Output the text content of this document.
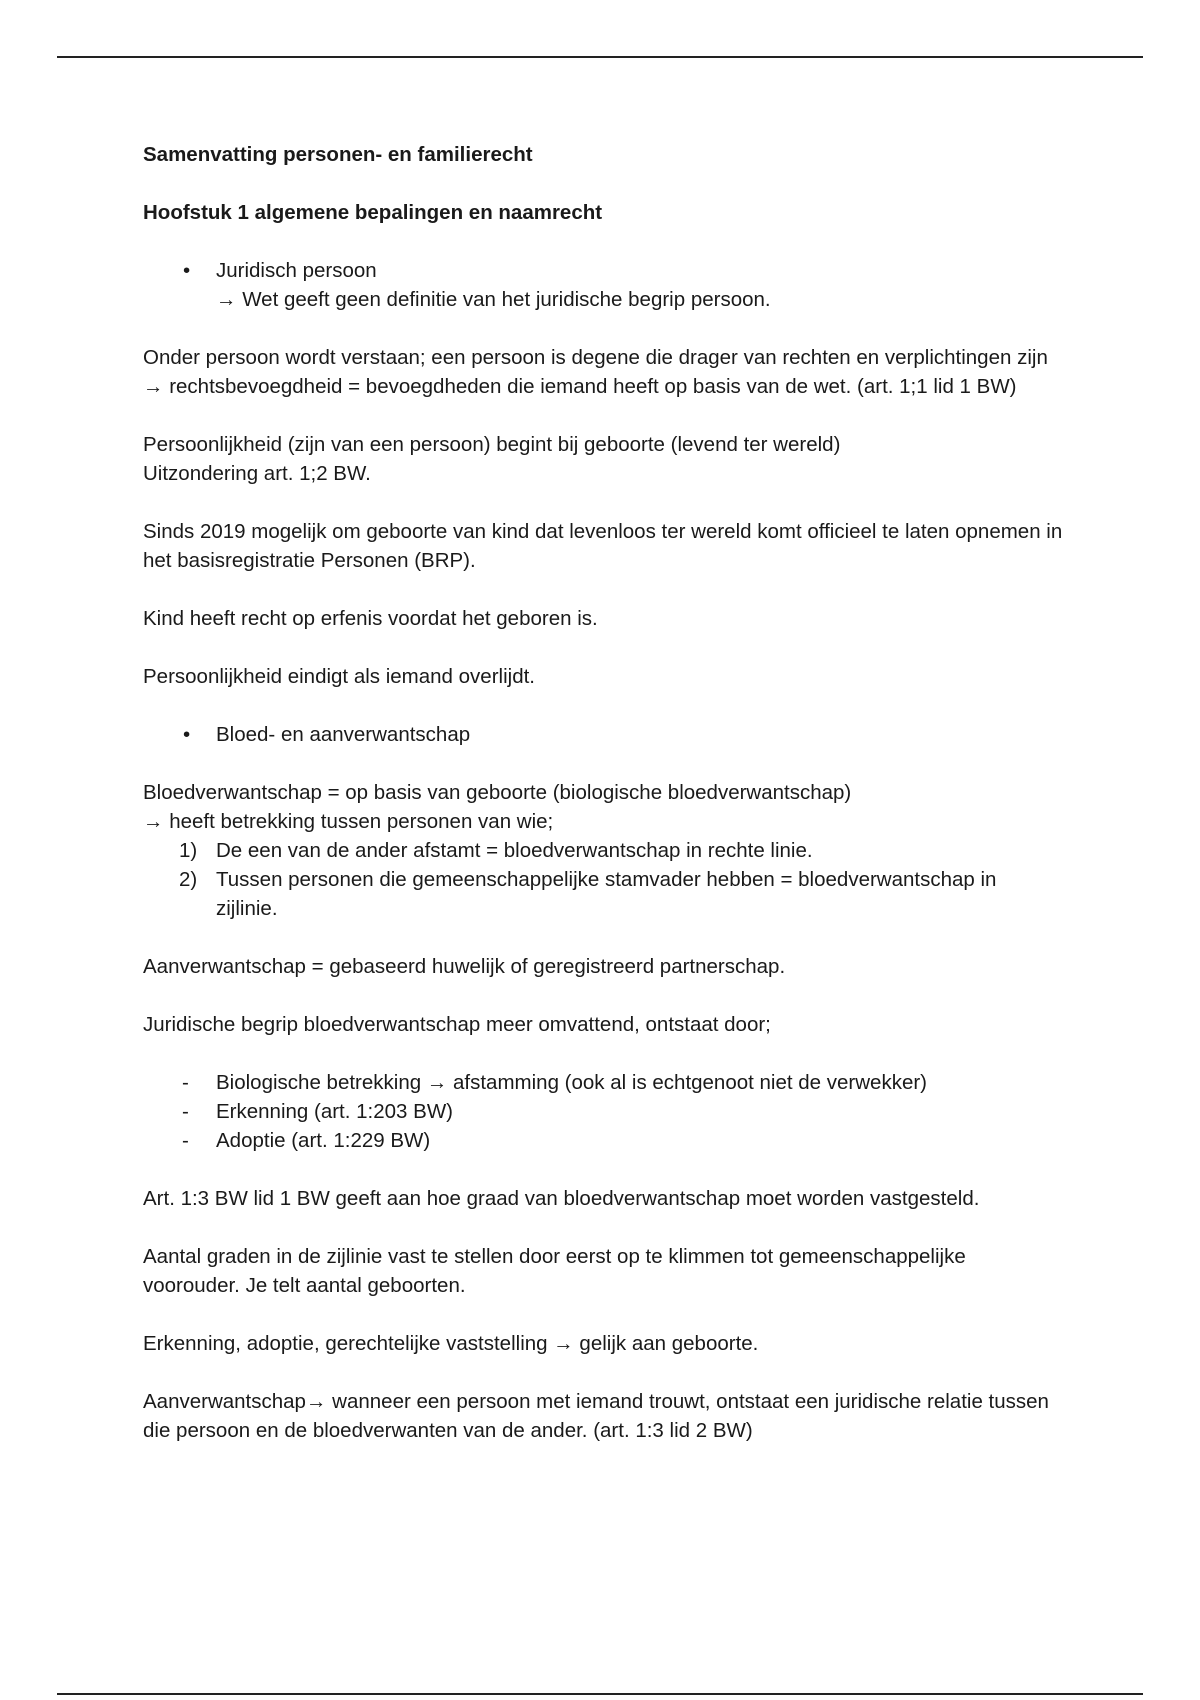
Samenvatting personen- en familierecht

Hoofstuk 1 algemene bepalingen en naamrecht

• Juridisch persoon
→ Wet geeft geen definitie van het juridische begrip persoon.

Onder persoon wordt verstaan; een persoon is degene die drager van rechten en verplichtingen zijn → rechtsbevoegdheid = bevoegdheden die iemand heeft op basis van de wet. (art. 1;1 lid 1 BW)

Persoonlijkheid (zijn van een persoon) begint bij geboorte (levend ter wereld)
Uitzondering art. 1;2 BW.

Sinds 2019 mogelijk om geboorte van kind dat levenloos ter wereld komt officieel te laten opnemen in het basisregistratie Personen (BRP).

Kind heeft recht op erfenis voordat het geboren is.

Persoonlijkheid eindigt als iemand overlijdt.

• Bloed- en aanverwantschap

Bloedverwantschap = op basis van geboorte (biologische bloedverwantschap)
→ heeft betrekking tussen personen van wie;

1) De een van de ander afstamt = bloedverwantschap in rechte linie.
2) Tussen personen die gemeenschappelijke stamvader hebben = bloedverwantschap in zijlinie.

Aanverwantschap = gebaseerd huwelijk of geregistreerd partnerschap.

Juridische begrip bloedverwantschap meer omvattend, ontstaat door;

- Biologische betrekking → afstamming (ook al is echtgenoot niet de verwekker)
- Erkenning (art. 1:203 BW)
- Adoptie (art. 1:229 BW)

Art. 1:3 BW lid 1 BW geeft aan hoe graad van bloedverwantschap moet worden vastgesteld.

Aantal graden in de zijlinie vast te stellen door eerst op te klimmen tot gemeenschappelijke voorouder. Je telt aantal geboorten.

Erkenning, adoptie, gerechtelijke vaststelling → gelijk aan geboorte.

Aanverwantschap→ wanneer een persoon met iemand trouwt, ontstaat een juridische relatie tussen die persoon en de bloedverwanten van de ander. (art. 1:3 lid 2 BW)
